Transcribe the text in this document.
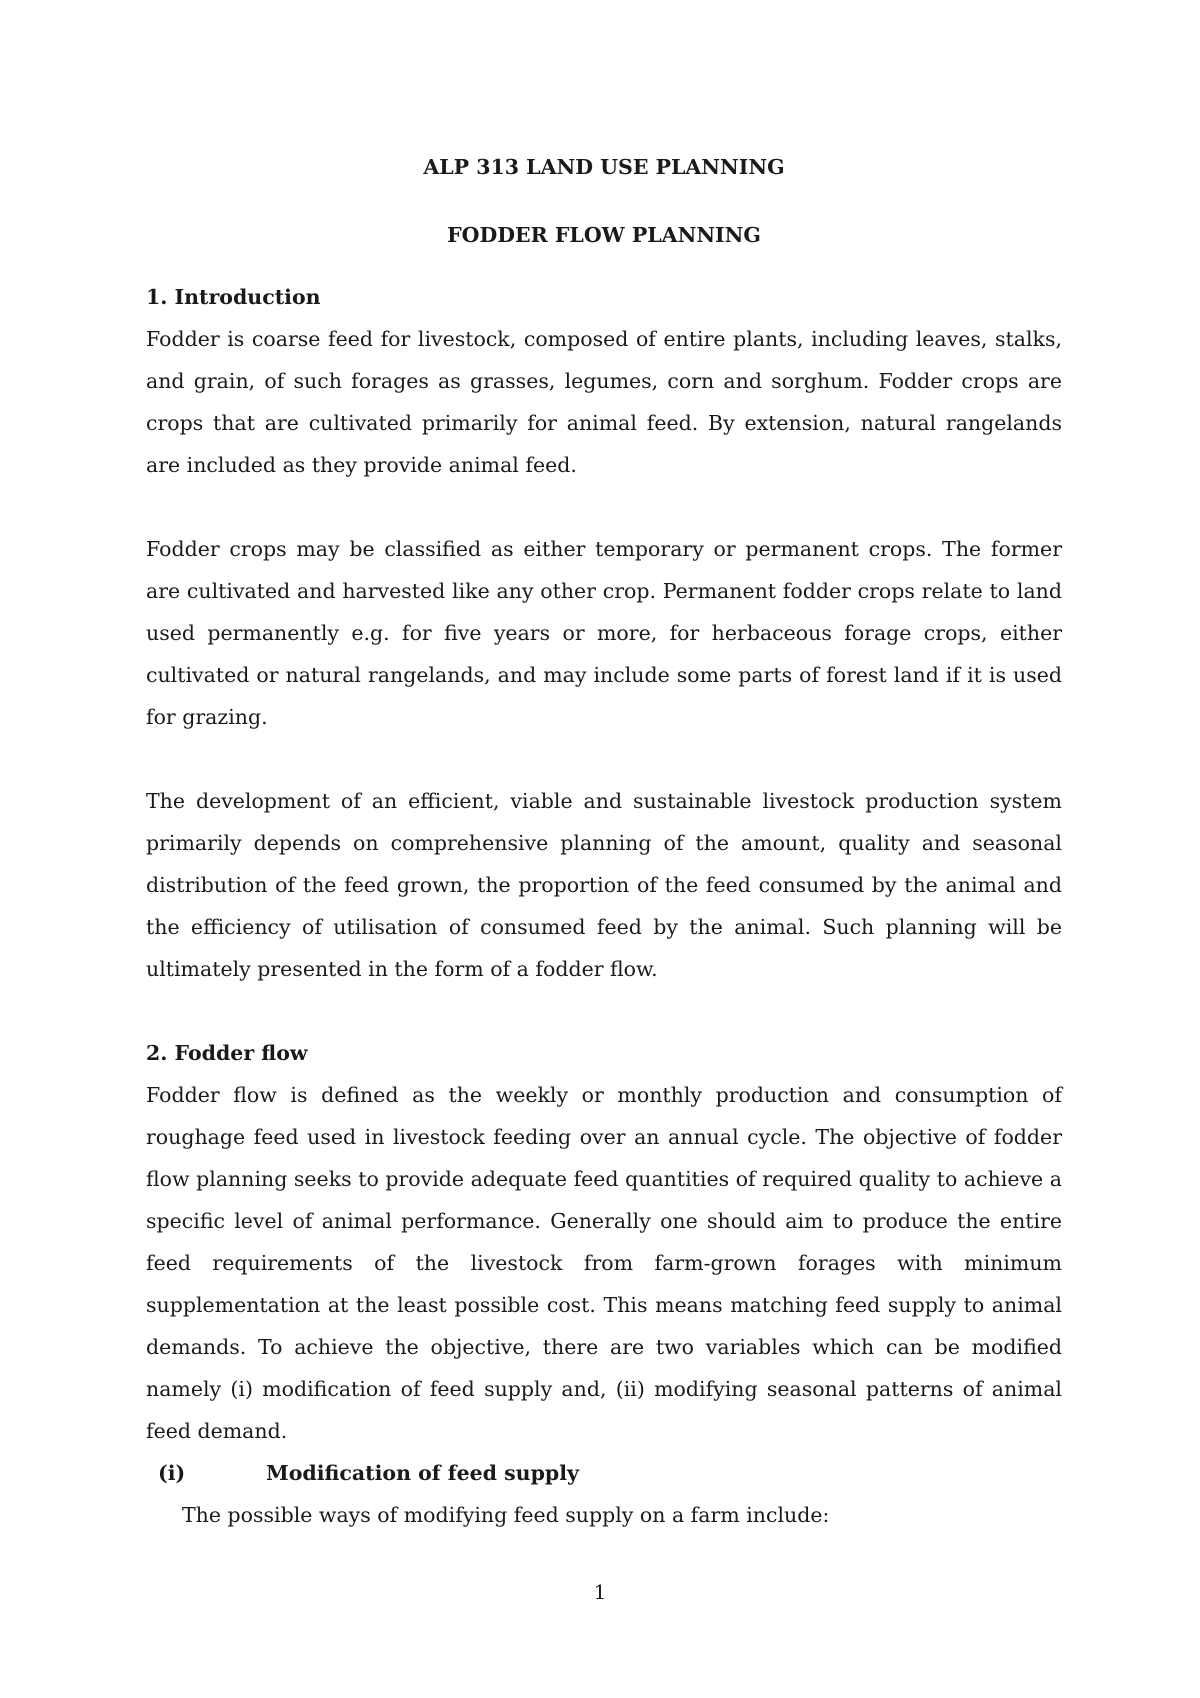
ALP 313 LAND USE PLANNING

FODDER FLOW PLANNING

1. Introduction

Fodder is coarse feed for livestock, composed of entire plants, including leaves, stalks, and grain, of such forages as grasses, legumes, corn and sorghum. Fodder crops are crops that are cultivated primarily for animal feed. By extension, natural rangelands are included as they provide animal feed.

Fodder crops may be classified as either temporary or permanent crops. The former are cultivated and harvested like any other crop. Permanent fodder crops relate to land used permanently e.g. for five years or more, for herbaceous forage crops, either cultivated or natural rangelands, and may include some parts of forest land if it is used for grazing.

The development of an efficient, viable and sustainable livestock production system primarily depends on comprehensive planning of the amount, quality and seasonal distribution of the feed grown, the proportion of the feed consumed by the animal and the efficiency of utilisation of consumed feed by the animal. Such planning will be ultimately presented in the form of a fodder flow.

2. Fodder flow

Fodder flow is defined as the weekly or monthly production and consumption of roughage feed used in livestock feeding over an annual cycle. The objective of fodder flow planning seeks to provide adequate feed quantities of required quality to achieve a specific level of animal performance. Generally one should aim to produce the entire feed requirements of the livestock from farm-grown forages with minimum supplementation at the least possible cost. This means matching feed supply to animal demands. To achieve the objective, there are two variables which can be modified namely (i) modification of feed supply and, (ii) modifying seasonal patterns of animal feed demand.

(i)	Modification of feed supply

The possible ways of modifying feed supply on a farm include:

1
